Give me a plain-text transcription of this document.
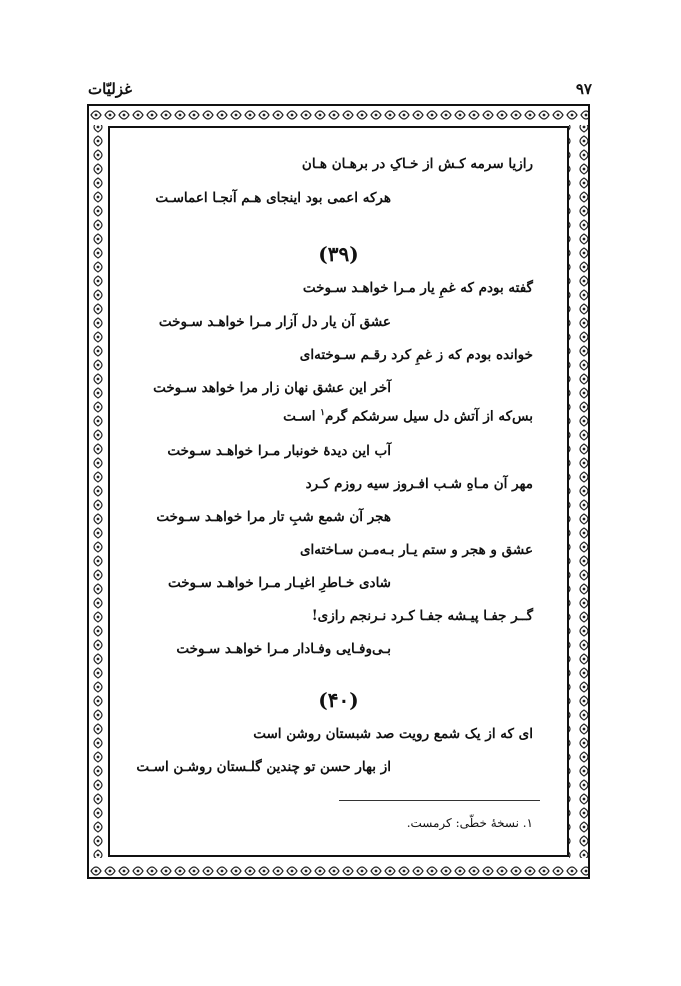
غزلیّات	۹۷
رازیا سرمه کـش از خـاکِ در برهـان هـان
هرکه اعمی بود اینجای هـم آنجـا اعماسـت
(۳۹)
گفته بودم که غمِ یار مـرا خواهـد سـوخت
عشق آن یار دل آزار مـرا خواهـد سـوخت
خوانده بودم که ز غمِ کرد رقـم سـوخته‌ای
آخر این عشق نهان زار مرا خواهد سـوخت
بس‌که از آتش دل سیل سرشکم گرم$^۱$ اسـت
آب این دیدهٔ خونبار مـرا خواهـد سـوخت
مهر آن مـاهِ شـب افـروز سیه روزم کـرد
هجر آن شمع شبِ تار مرا خواهـد سـوخت
عشق و هجر و ستم یـار بـه‌مـن سـاخته‌ای
شادی خـاطرِ اغیـار مـرا خواهـد سـوخت
گــر جفـا پیـشه جفـا کـرد نـرنجم رازی!
بـی‌وفـایی وفـادار مـرا خواهـد سـوخت
(۴۰)
ای که از یک شمع رویت صد شبستان روشن است
از بهار حسن تو چندین گلـستان روشـن اسـت
۱. نسخهٔ خطّی: کرمست.
